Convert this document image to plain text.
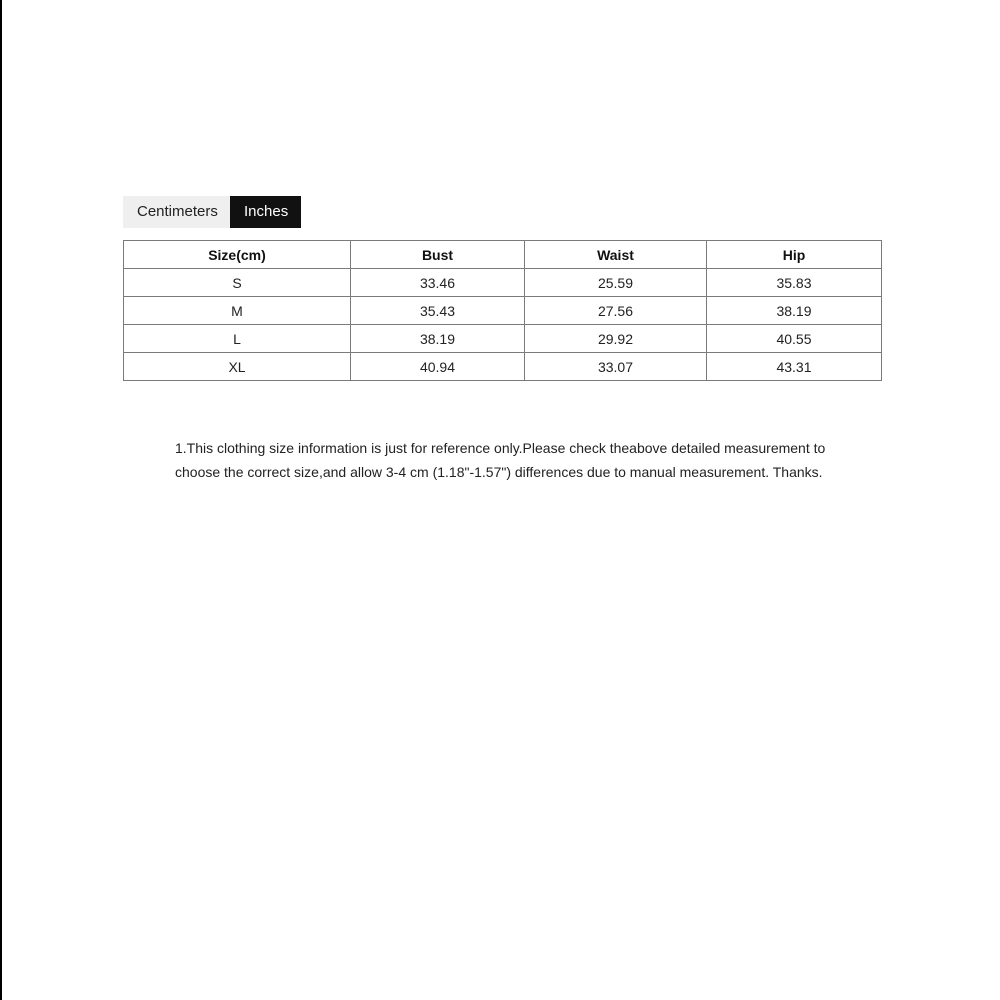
Centimeters	Inches
Size(cm)	Bust	Waist	Hip
S	33.46	25.59	35.83
M	35.43	27.56	38.19
L	38.19	29.92	40.55
XL	40.94	33.07	43.31

1.This clothing size information is just for reference only.Please check theabove detailed measurement to

choose the correct size,and allow 3-4 cm (1.18"-1.57") differences due to manual measurement. Thanks.
